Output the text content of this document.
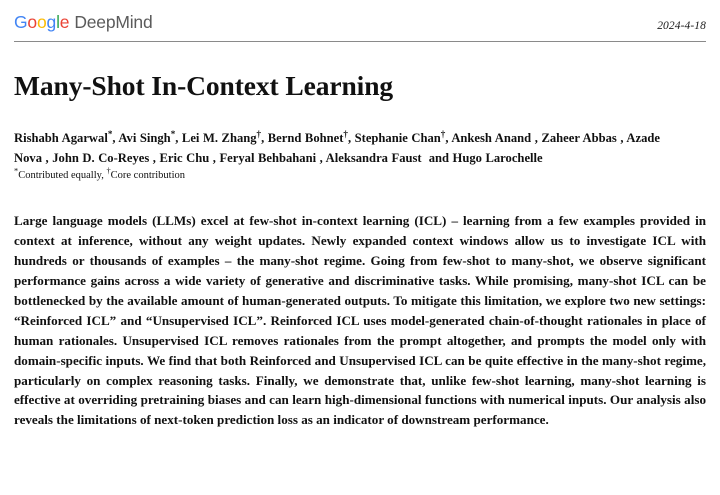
Google DeepMind	2024-4-18
Many-Shot In-Context Learning
Rishabh Agarwal*, Avi Singh*, Lei M. Zhang†, Bernd Bohnet†, Stephanie Chan†, Ankesh Anand , Zaheer Abbas , Azade Nova , John D. Co-Reyes , Eric Chu , Feryal Behbahani , Aleksandra Faust  and Hugo Larochelle
*Contributed equally, †Core contribution
Large language models (LLMs) excel at few-shot in-context learning (ICL) – learning from a few examples provided in context at inference, without any weight updates. Newly expanded context windows allow us to investigate ICL with hundreds or thousands of examples – the many-shot regime. Going from few-shot to many-shot, we observe significant performance gains across a wide variety of generative and discriminative tasks. While promising, many-shot ICL can be bottlenecked by the available amount of human-generated outputs. To mitigate this limitation, we explore two new settings: “Reinforced ICL” and “Unsupervised ICL”. Reinforced ICL uses model-generated chain-of-thought rationales in place of human rationales. Unsupervised ICL removes rationales from the prompt altogether, and prompts the model only with domain-specific inputs. We find that both Reinforced and Unsupervised ICL can be quite effective in the many-shot regime, particularly on complex reasoning tasks. Finally, we demonstrate that, unlike few-shot learning, many-shot learning is effective at overriding pretraining biases and can learn high-dimensional functions with numerical inputs. Our analysis also reveals the limitations of next-token prediction loss as an indicator of downstream performance.
